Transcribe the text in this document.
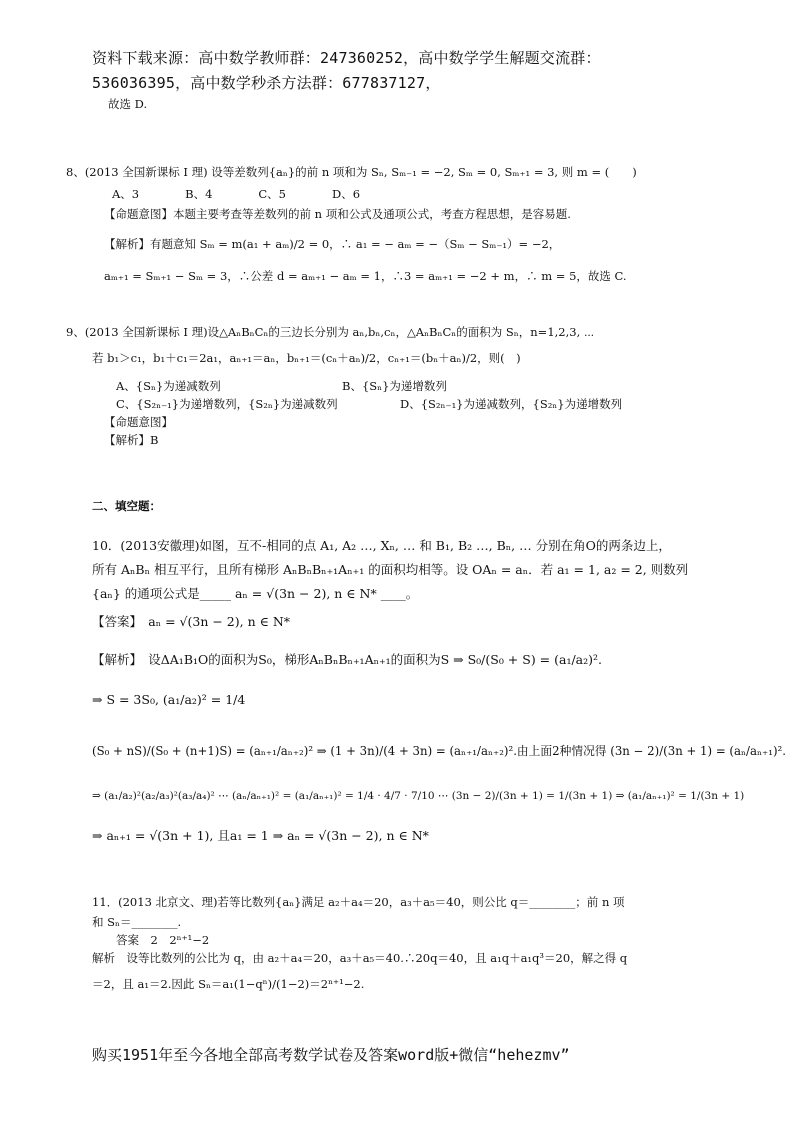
资料下载来源：高中数学教师群：247360252，高中数学学生解题交流群：
536036395，高中数学秒杀方法群：677837127，
故选 D.
8、(2013 全国新课标 Ⅰ 理) 设等差数列{aₙ}的前 n 项和为 Sₙ, Sₘ₋₁ = −2, Sₘ = 0, Sₘ₊₁ = 3, 则 m = (　　)
A、3　　　　B、4　　　　C、5　　　　D、6
【命题意图】本题主要考查等差数列的前 n 项和公式及通项公式，考查方程思想，是容易题.
【解析】有题意知 Sₘ = m(a₁ + aₘ)/2 = 0，∴ a₁ = − aₘ = −（Sₘ − Sₘ₋₁）= −2，
aₘ₊₁ = Sₘ₊₁ − Sₘ = 3，∴公差 d = aₘ₊₁ − aₘ = 1，∴3 = aₘ₊₁ = −2 + m，∴ m = 5，故选 C.
9、(2013 全国新课标 Ⅰ 理)设△AₙBₙCₙ的三边长分别为 aₙ,bₙ,cₙ，△AₙBₙCₙ的面积为 Sₙ，n=1,2,3, ⋯
若 b₁＞c₁，b₁＋c₁＝2a₁，aₙ₊₁＝aₙ，bₙ₊₁＝(cₙ＋aₙ)/2，cₙ₊₁＝(bₙ＋aₙ)/2，则(　)
A、{Sₙ}为递减数列	B、{Sₙ}为递增数列
C、{S₂ₙ₋₁}为递增数列，{S₂ₙ}为递减数列	D、{S₂ₙ₋₁}为递减数列，{S₂ₙ}为递增数列
【命题意图】
【解析】B
二、填空题：
10．(2013安徽理)如图，互不-相同的点 A₁, A₂ …, Xₙ, … 和 B₁, B₂ …, Bₙ, … 分别在角O的两条边上，
所有 AₙBₙ 相互平行，且所有梯形 AₙBₙBₙ₊₁Aₙ₊₁ 的面积均相等。设 OAₙ = aₙ．若 a₁ = 1, a₂ = 2, 则数列
{aₙ} 的通项公式是_____ aₙ = √(3n − 2), n ∈ N* ____。
【答案】　aₙ = √(3n − 2), n ∈ N*
【解析】　设ΔA₁B₁O的面积为S₀，梯形AₙBₙBₙ₊₁Aₙ₊₁的面积为S ⇒ S₀/(S₀ + S) = (a₁/a₂)².
⇒ S = 3S₀, (a₁/a₂)² = 1/4
(S₀ + nS)/(S₀ + (n+1)S) = (aₙ₊₁/aₙ₊₂)² ⇒ (1 + 3n)/(4 + 3n) = (aₙ₊₁/aₙ₊₂)².由上面2种情况得 (3n − 2)/(3n + 1) = (aₙ/aₙ₊₁)².
⇒ (a₁/a₂)²(a₂/a₃)²(a₃/a₄)² ⋯ (aₙ/aₙ₊₁)² = (a₁/aₙ₊₁)² = 1/4 · 4/7 · 7/10 ⋯ (3n − 2)/(3n + 1) = 1/(3n + 1) ⇒ (a₁/aₙ₊₁)² = 1/(3n + 1)
⇒ aₙ₊₁ = √(3n + 1), 且a₁ = 1 ⇒ aₙ = √(3n − 2), n ∈ N*
11．(2013 北京文、理)若等比数列{aₙ}满足 a₂＋a₄＝20，a₃＋a₅＝40，则公比 q＝________；前 n 项
和 Sₙ＝________.
答案　2　2ⁿ⁺¹−2
解析　设等比数列的公比为 q，由 a₂＋a₄＝20，a₃＋a₅＝40.∴20q＝40，且 a₁q＋a₁q³＝20，解之得 q
＝2，且 a₁＝2.因此 Sₙ＝a₁(1−qⁿ)/(1−2)＝2ⁿ⁺¹−2.
购买1951年至今各地全部高考数学试卷及答案word版+微信“hehezmv”
